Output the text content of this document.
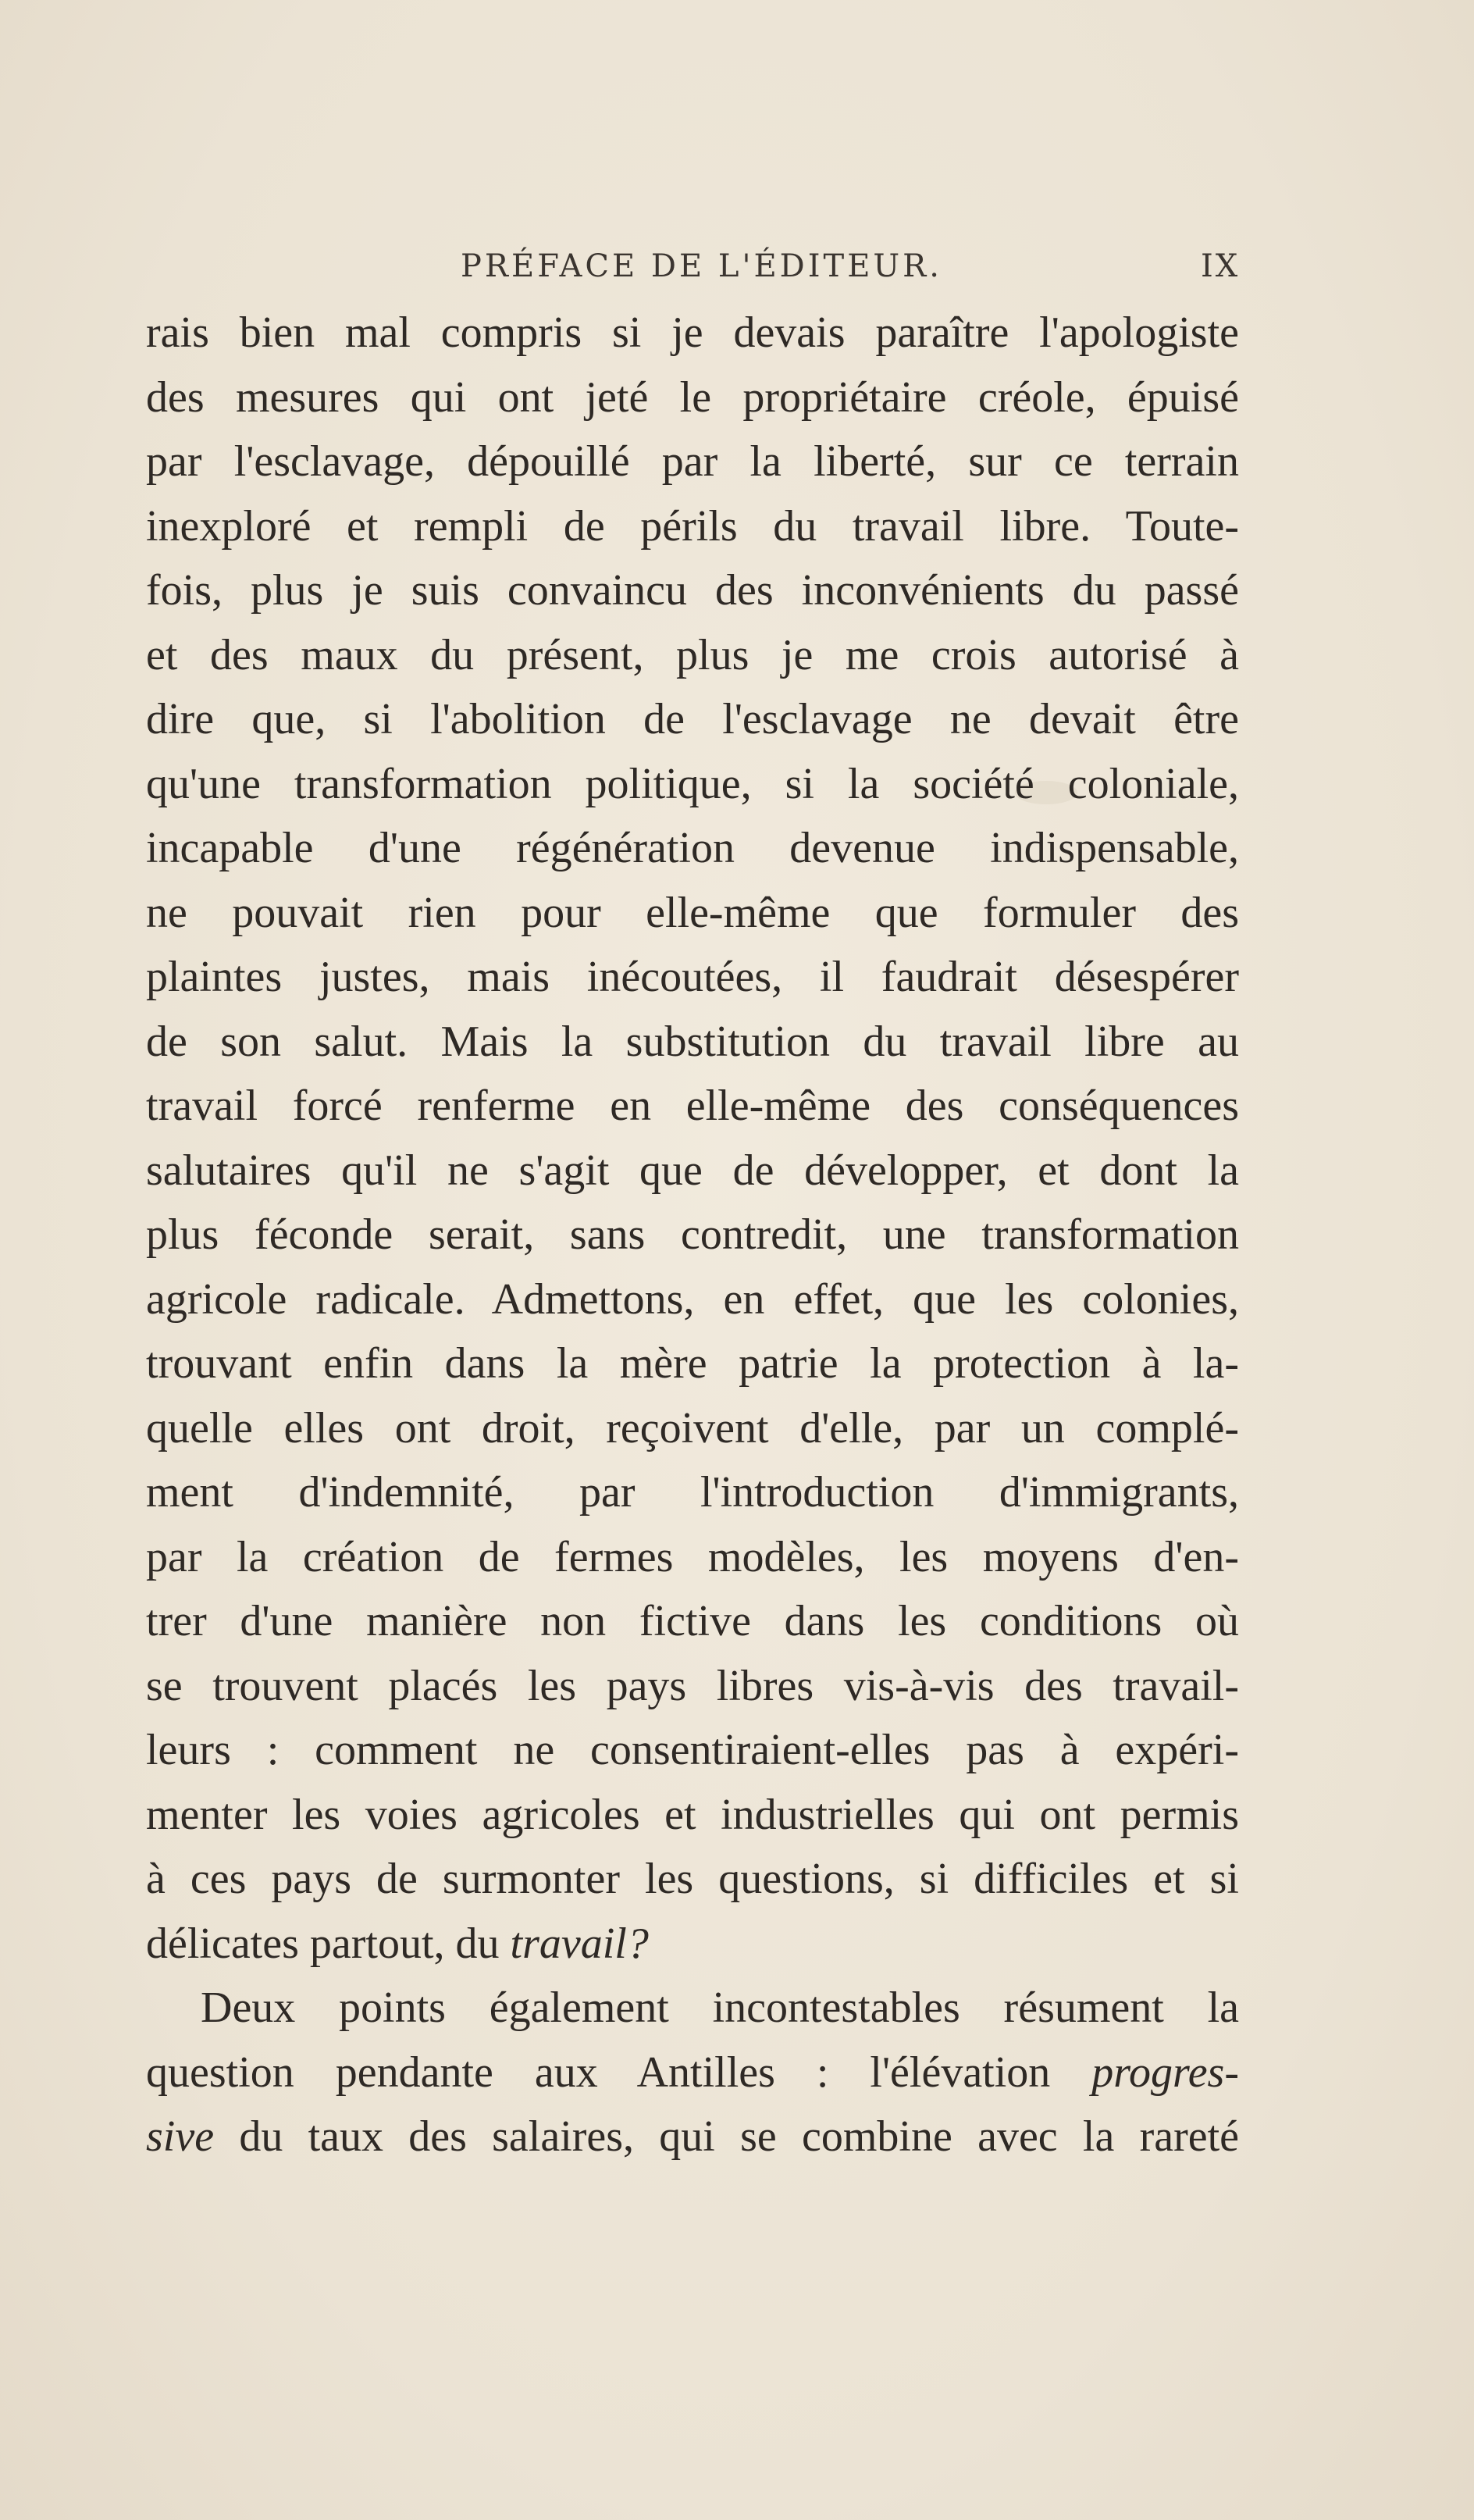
PRÉFACE DE L'ÉDITEUR.	IX
rais bien mal compris si je devais paraître l'apologiste
des mesures qui ont jeté le propriétaire créole, épuisé
par l'esclavage, dépouillé par la liberté, sur ce terrain
inexploré et rempli de périls du travail libre. Toute-
fois, plus je suis convaincu des inconvénients du passé
et des maux du présent, plus je me crois autorisé à
dire que, si l'abolition de l'esclavage ne devait être
qu'une transformation politique, si la société coloniale,
incapable d'une régénération devenue indispensable,
ne pouvait rien pour elle-même que formuler des
plaintes justes, mais inécoutées, il faudrait désespérer
de son salut. Mais la substitution du travail libre au
travail forcé renferme en elle-même des conséquences
salutaires qu'il ne s'agit que de développer, et dont la
plus féconde serait, sans contredit, une transformation
agricole radicale. Admettons, en effet, que les colonies,
trouvant enfin dans la mère patrie la protection à la-
quelle elles ont droit, reçoivent d'elle, par un complé-
ment d'indemnité, par l'introduction d'immigrants,
par la création de fermes modèles, les moyens d'en-
trer d'une manière non fictive dans les conditions où
se trouvent placés les pays libres vis-à-vis des travail-
leurs : comment ne consentiraient-elles pas à expéri-
menter les voies agricoles et industrielles qui ont permis
à ces pays de surmonter les questions, si difficiles et si
délicates partout, du travail?
Deux points également incontestables résument la
question pendante aux Antilles : l'élévation progres-
sive du taux des salaires, qui se combine avec la rareté
